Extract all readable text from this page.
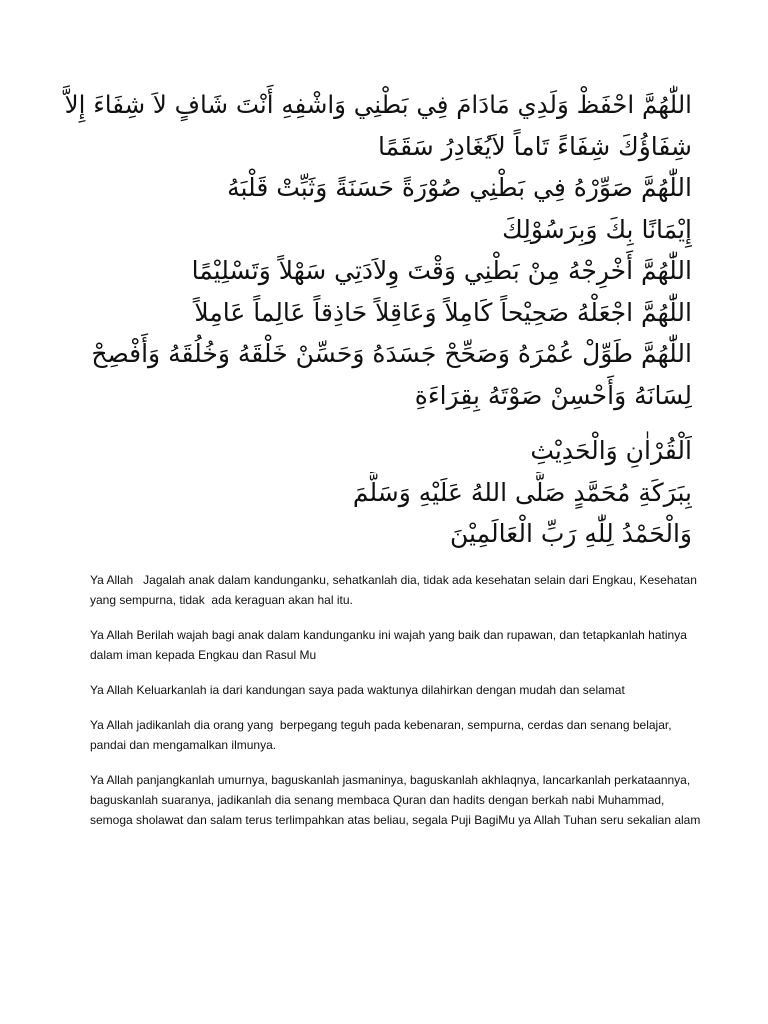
اللّٰهُمَّ احْفَظْ وَلَدِي مَادَامَ فِي بَطْنِي وَاشْفِهِ أَنْتَ شَافٍ لاَ شِفَاءَ إِلاَّ
شِفَاؤُكَ شِفَاءً تَاماً لاَيُغَادِرُ سَقَمًا
اللّٰهُمَّ صَوِّرْهُ فِي بَطْنِي صُوْرَةً حَسَنَةً وَثَبِّتْ قَلْبَهُ
إِيْمَانًا بِكَ وَبِرَسُوْلِكَ
اللّٰهُمَّ أَخْرِجْهُ مِنْ بَطْنِي وَقْتَ وِلاَدَتِي سَهْلاً وَتَسْلِيْمًا
اللّٰهُمَّ اجْعَلْهُ صَحِيْحاً كَامِلاً وَعَاقِلاً حَاذِقاً عَالِماً عَامِلاً
اللّٰهُمَّ طَوِّلْ عُمْرَهُ وَصَحِّحْ جَسَدَهُ وَحَسِّنْ خَلْقَهُ وَخُلُقَهُ وَأَفْصِحْ
لِسَانَهُ وَأَحْسِنْ صَوْتَهُ بِقِرَاءَةِ
اَلْقُرْاٰنِ وَالْحَدِيْثِ
بِبَرَكَةِ مُحَمَّدٍ صَلَّى اللهُ عَلَيْهِ وَسَلَّمَ
وَالْحَمْدُ لِلّٰهِ رَبِّ الْعَالَمِيْنَ

Ya Allah   Jagalah anak dalam kandunganku, sehatkanlah dia, tidak ada kesehatan selain dari Engkau, Kesehatan yang sempurna, tidak  ada keraguan akan hal itu.

Ya Allah Berilah wajah bagi anak dalam kandunganku ini wajah yang baik dan rupawan, dan tetapkanlah hatinya dalam iman kepada Engkau dan Rasul Mu

Ya Allah Keluarkanlah ia dari kandungan saya pada waktunya dilahirkan dengan mudah dan selamat

Ya Allah jadikanlah dia orang yang  berpegang teguh pada kebenaran, sempurna, cerdas dan senang belajar, pandai dan mengamalkan ilmunya.

Ya Allah panjangkanlah umurnya, baguskanlah jasmaninya, baguskanlah akhlaqnya, lancarkanlah perkataannya, baguskanlah suaranya, jadikanlah dia senang membaca Quran dan hadits dengan berkah nabi Muhammad, semoga sholawat dan salam terus terlimpahkan atas beliau, segala Puji BagiMu ya Allah Tuhan seru sekalian alam
